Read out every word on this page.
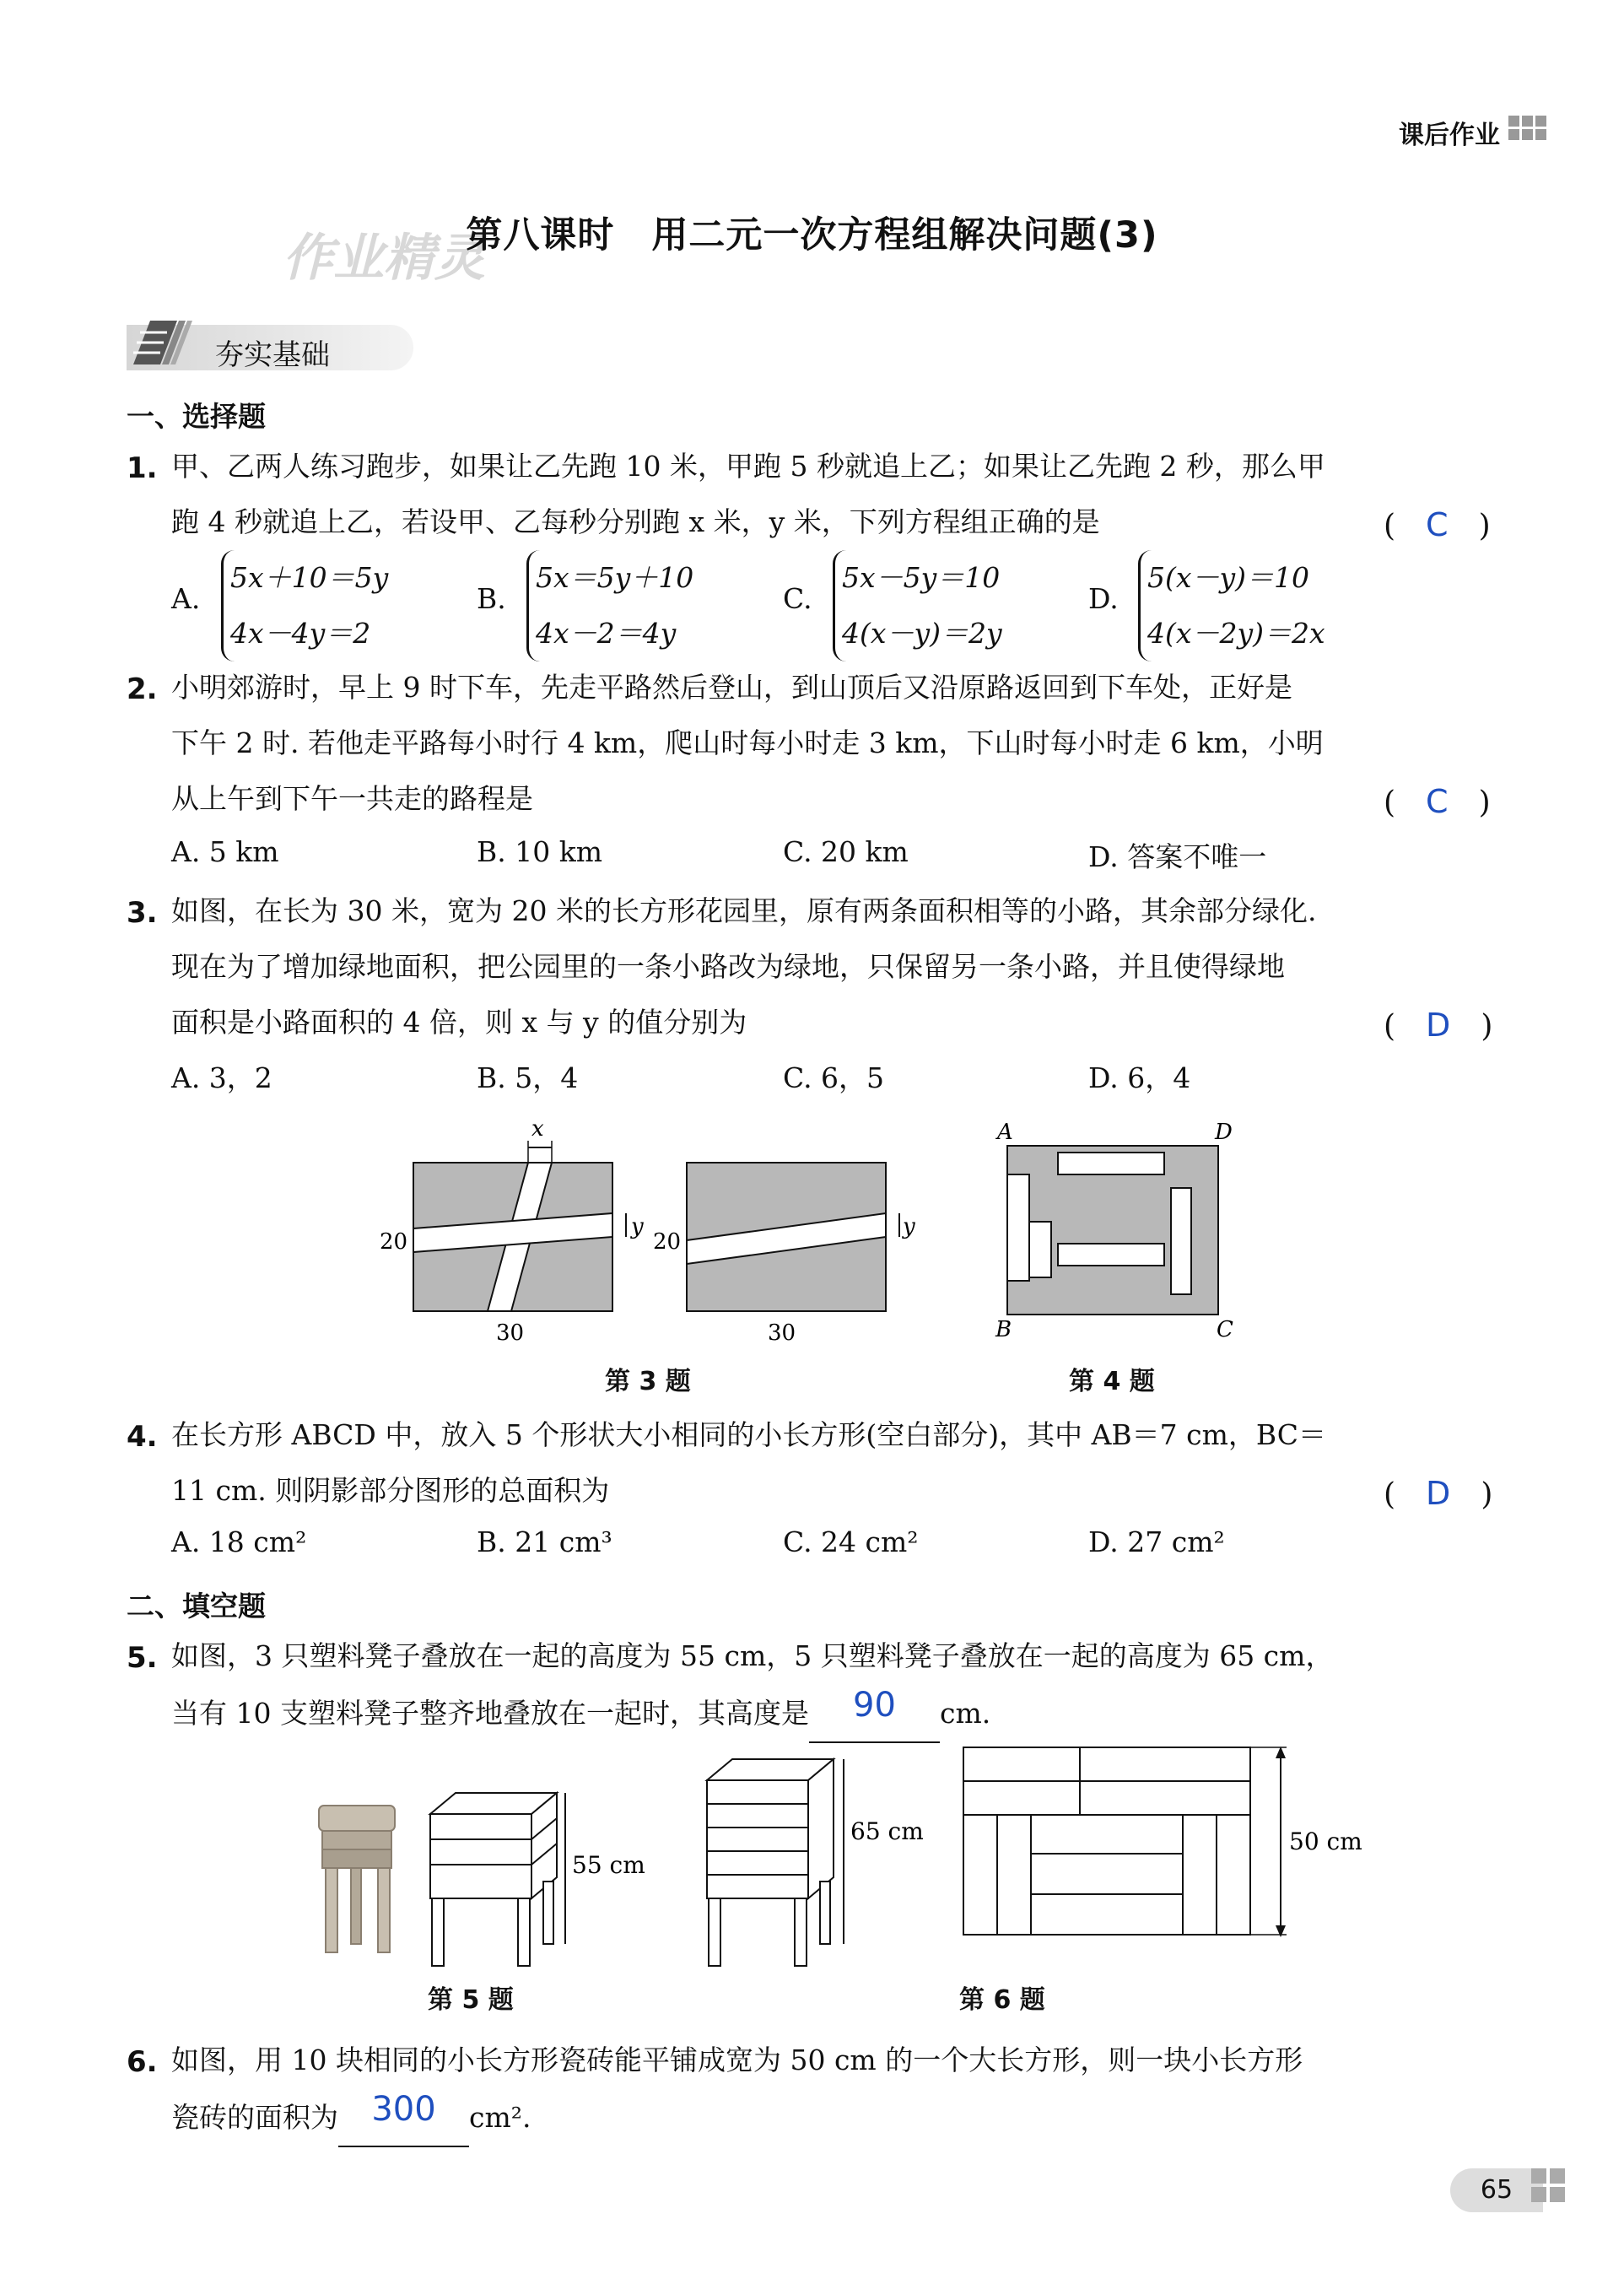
课后作业
作业精灵
第八课时　用二元一次方程组解决问题(3)
夯实基础
一、选择题
1. 甲、乙两人练习跑步，如果让乙先跑 10 米，甲跑 5 秒就追上乙；如果让乙先跑 2 秒，那么甲
跑 4 秒就追上乙，若设甲、乙每秒分别跑 x 米，y 米，下列方程组正确的是	(　C　)
A.
5x＋10＝5y
4x－4y＝2
B.
5x＝5y＋10
4x－2＝4y
C.
5x－5y＝10
4(x－y)＝2y
D.
5(x－y)＝10
4(x－2y)＝2x
2. 小明郊游时，早上 9 时下车，先走平路然后登山，到山顶后又沿原路返回到下车处，正好是
下午 2 时. 若他走平路每小时行 4 km，爬山时每小时走 3 km，下山时每小时走 6 km，小明
从上午到下午一共走的路程是	(　C　)
A. 5 km	B. 10 km	C. 20 km	D. 答案不唯一
3. 如图，在长为 30 米，宽为 20 米的长方形花园里，原有两条面积相等的小路，其余部分绿化.
现在为了增加绿地面积，把公园里的一条小路改为绿地，只保留另一条小路，并且使得绿地
面积是小路面积的 4 倍，则 x 与 y 的值分别为	(　D　)
A. 3，2	B. 5，4	C. 6，5	D. 6，4
x
y
20
30
y
20
30
第 3 题
A	D
B	C
第 4 题
4. 在长方形 ABCD 中，放入 5 个形状大小相同的小长方形(空白部分)，其中 AB＝7 cm，BC＝
11 cm. 则阴影部分图形的总面积为	(　D　)
A. 18 cm²	B. 21 cm³	C. 24 cm²	D. 27 cm²
二、填空题
5. 如图，3 只塑料凳子叠放在一起的高度为 55 cm，5 只塑料凳子叠放在一起的高度为 65 cm，
当有 10 支塑料凳子整齐地叠放在一起时，其高度是 90 cm.
55 cm
65 cm
第 5 题
50 cm
第 6 题
6. 如图，用 10 块相同的小长方形瓷砖能平铺成宽为 50 cm 的一个大长方形，则一块小长方形
瓷砖的面积为 300 cm².
65
